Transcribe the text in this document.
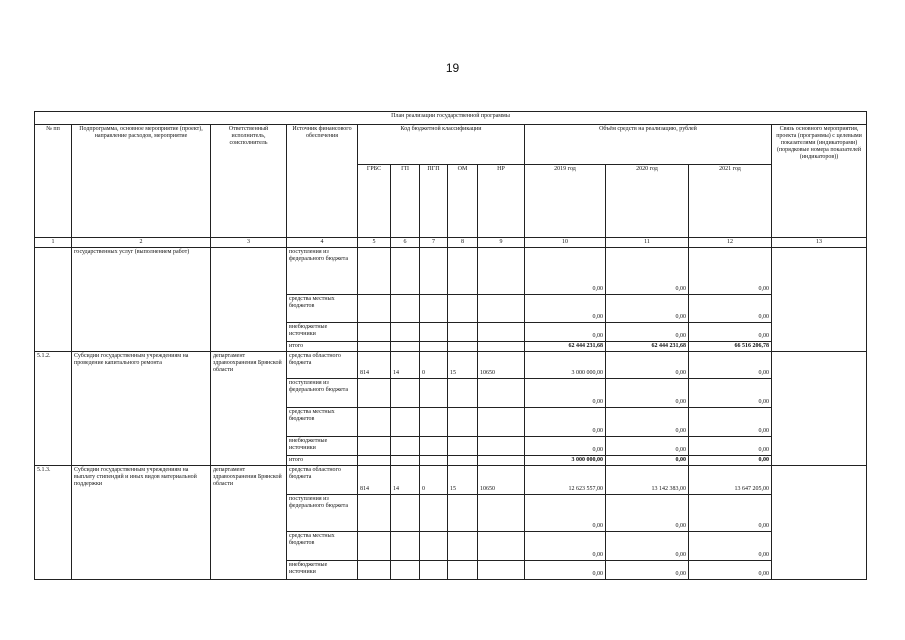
19
План реализации государственной программы												
№ пп	Подпрограмма, основное мероприятие (проект), направление расходов, мероприятие	Ответственный исполнитель, соисполнитель	Источник финансового обеспечения	Код бюджетной классификации					Объём средств на реализацию, рублей			Связь основного мероприятия, проекта (программы) с целевыми показателями (индикаторами) (порядковые номера показателей (индикаторов))
				ГРБС	ГП	ПГП	ОМ	НР	2019 год	2020 год	2021 год	
1	2	3	4	5	6	7	8	9	10	11	12	13
	государственных услуг (выполнением работ)		поступления из федерального бюджета						0,00	0,00	0,00	
			средства местных бюджетов						0,00	0,00	0,00	
			внебюджетные источники						0,00	0,00	0,00	
			итого						62 444 231,68	62 444 231,68	66 516 206,78	
5.1.2.	Субсидии государственным учреждениям на проведение капитального ремонта	департамент здравоохранения Брянской области	средства областного бюджета	814	14	0	15	10650	3 000 000,00	0,00	0,00	
			поступления из федерального бюджета						0,00	0,00	0,00	
			средства местных бюджетов						0,00	0,00	0,00	
			внебюджетные источники						0,00	0,00	0,00	
			итого						3 000 000,00	0,00	0,00	
5.1.3.	Субсидии государственным учреждениям на выплату стипендий и иных видов материальной поддержки	департамент здравоохранения Брянской области	средства областного бюджета	814	14	0	15	10650	12 623 557,00	13 142 383,00	13 647 205,00	
			поступления из федерального бюджета						0,00	0,00	0,00	
			средства местных бюджетов						0,00	0,00	0,00	
			внебюджетные источники						0,00	0,00	0,00	
